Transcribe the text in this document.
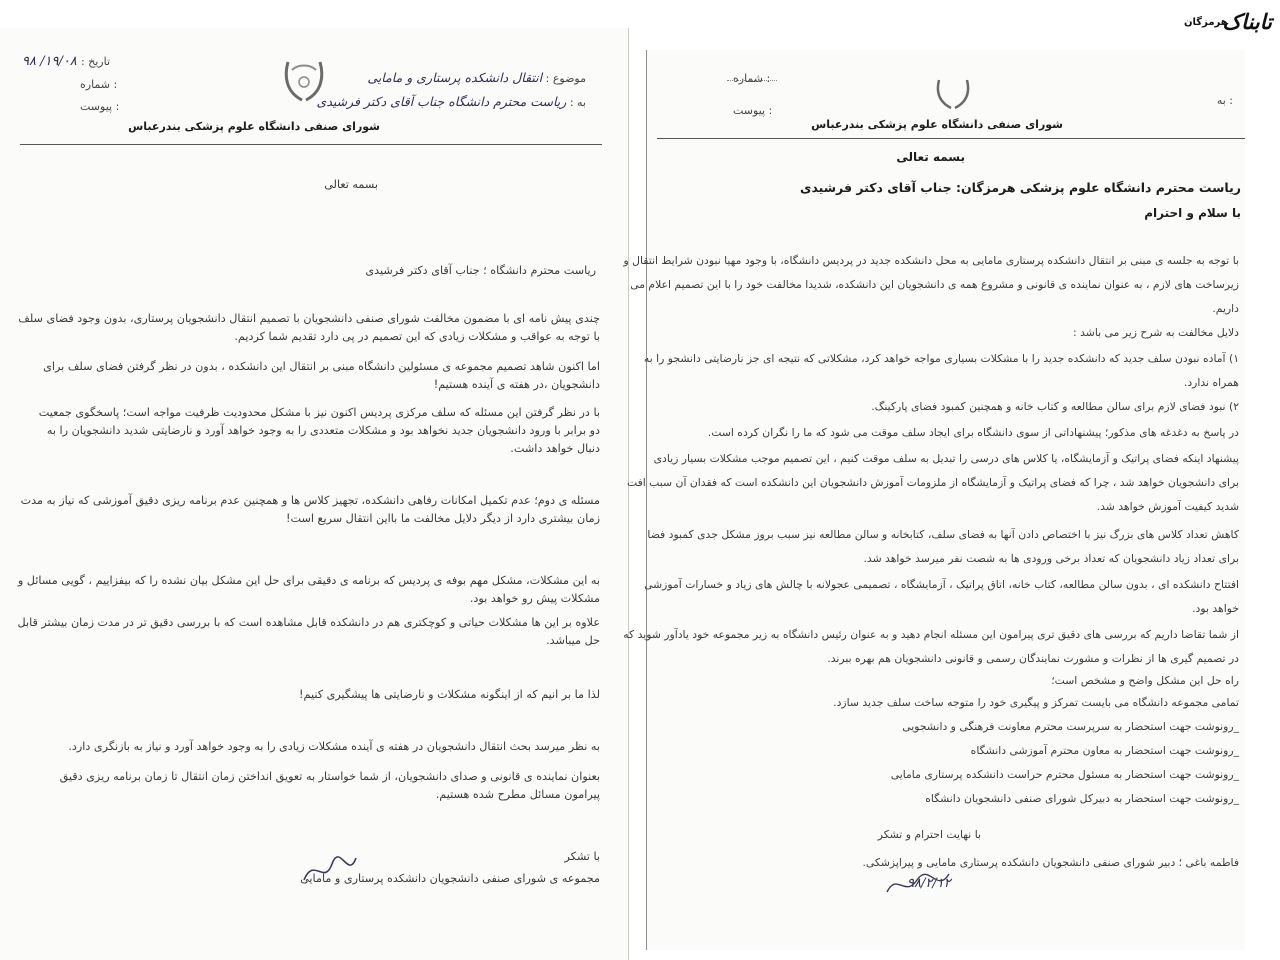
تاریخ : ۱۹/۰۸/ ۹۸
شماره :
پیوست :
موضوع : انتقال دانشکده پرستاری و مامایی
به : ریاست محترم دانشگاه جناب آقای دکتر فرشیدی
شورای صنفی دانشگاه علوم پزشکی بندرعباس
بسمه تعالی
ریاست محترم دانشگاه ؛ جناب آقای دکتر فرشیدی
چندی پیش نامه ای با مضمون مخالفت شورای صنفی دانشجویان با تصمیم انتقال دانشجویان پرستاری، بدون وجود فضای سلف
با توجه به عواقب و مشکلات زیادی که این تصمیم در پی دارد تقدیم شما کردیم.
اما اکنون شاهد تصمیم مجموعه ی مسئولین دانشگاه مبنی بر انتقال این دانشکده ، بدون در نظر گرفتن فضای سلف برای
دانشجویان ،در هفته ی آینده هستیم!
با در نظر گرفتن این مسئله که سلف مرکزی پردیس اکنون نیز با مشکل محدودیت ظرفیت مواجه است؛ پاسخگوی جمعیت
دو برابر با ورود دانشجویان جدید نخواهد بود و مشکلات متعددی را به وجود خواهد آورد و نارضایتی شدید دانشجویان را به
دنبال خواهد داشت.
مسئله ی دوم؛ عدم تکمیل امکانات رفاهی دانشکده، تجهیز کلاس ها و همچنین عدم برنامه ریزی دقیق آموزشی که نیاز به مدت
زمان بیشتری دارد از دیگر دلایل مخالفت ما بااین انتقال سریع است!
به این مشکلات، مشکل مهم بوفه ی پردیس که برنامه ی دقیقی برای حل این مشکل بیان نشده را که بیفزاییم ، گویی مسائل و
مشکلات پیش رو خواهد بود.
علاوه بر این ها مشکلات حیاتی و کوچکتری هم در دانشکده قابل مشاهده است که با بررسی دقیق تر در مدت زمان بیشتر قابل
حل میباشد.
لذا ما بر انیم که از اینگونه مشکلات و نارضایتی ها پیشگیری کنیم!
به نظر میرسد بحث انتقال دانشجویان در هفته ی آینده مشکلات زیادی را به وجود خواهد آورد و نیاز به بازنگری دارد.
بعنوان نماینده ی قانونی و صدای دانشجویان، از شما خواستار به تعویق انداختن زمان انتقال تا زمان برنامه ریزی دقیق
پیرامون مسائل مطرح شده هستیم.
با تشکر
مجموعه ی شورای صنفی دانشجویان دانشکده پرستاری و مامایی
شماره :
پیوست :
به :
شورای صنفی دانشگاه علوم پزشکی بندرعباس
بسمه تعالی
ریاست محترم دانشگاه علوم پزشکی هرمزگان: جناب آقای دکتر فرشیدی
با سلام و احترام
با توجه به جلسه ی مبنی بر انتقال دانشکده پرستاری مامایی به محل دانشکده جدید در پردیس دانشگاه، با وجود مهیا نبودن شرایط انتقال و
زیرساخت های لازم ، به عنوان نماینده ی قانونی و مشروع همه ی دانشجویان این دانشکده، شدیدا مخالفت خود را با این تصمیم اعلام می
داریم.
دلایل مخالفت به شرح زیر می باشد :
۱) آماده نبودن سلف جدید که دانشکده جدید را با مشکلات بسیاری مواجه خواهد کرد، مشکلاتی که نتیجه ای جز نارضایتی دانشجو را به
همراه ندارد.
۲) نبود فضای لازم برای سالن مطالعه و کتاب خانه و همچنین کمبود فضای پارکینگ.
در پاسخ به دغدغه های مذکور؛ پیشنهاداتی از سوی دانشگاه برای ایجاد سلف موقت می شود که ما را نگران کرده است.
پیشنهاد اینکه فضای پراتیک و آزمایشگاه، یا کلاس های درسی را تبدیل به سلف موقت کنیم ، این تصمیم موجب مشکلات بسیار زیادی
برای دانشجویان خواهد شد ، چرا که فضای پراتیک و آزمایشگاه از ملزومات آموزش دانشجویان این دانشکده است که فقدان آن سبب افت
شدید کیفیت آموزش خواهد شد.
کاهش تعداد کلاس های بزرگ نیز با اختصاص دادن آنها به فضای سلف، کتابخانه و سالن مطالعه نیز سبب بروز مشکل جدی کمبود فضا
برای تعداد زیاد دانشجویان که تعداد برخی ورودی ها به شصت نفر میرسد خواهد شد.
افتتاح دانشکده ای ، بدون سالن مطالعه، کتاب خانه، اتاق پراتیک ، آزمایشگاه ، تصمیمی عجولانه با چالش های زیاد و خسارات آموزشی
خواهد بود.
از شما تقاضا داریم که بررسی های دقیق تری پیرامون این مسئله انجام دهید و به عنوان رئیس دانشگاه به زیر مجموعه خود یادآور شوید که
در تصمیم گیری ها از نظرات و مشورت نمایندگان رسمی و قانونی دانشجویان هم بهره ببرند.
راه حل این مشکل واضح و مشخص است؛
تمامی مجموعه دانشگاه می بایست تمرکز و پیگیری خود را متوجه ساخت سلف جدید سازد.
_رونوشت جهت استحضار به سرپرست محترم معاونت فرهنگی و دانشجویی
_رونوشت جهت استحضار به معاون محترم آموزشی دانشگاه
_رونوشت جهت استحضار به مسئول محترم حراست دانشکده پرستاری مامایی
_رونوشت جهت استحضار به دبیرکل شورای صنفی دانشجویان دانشگاه
با نهایت احترام و تشکر
فاطمه باغی ؛ دبیر شورای صنفی دانشجویان دانشکده پرستاری مامایی و پیراپزشکی.
۹۸/۲/۱۲
تابناک
هرمزگان
